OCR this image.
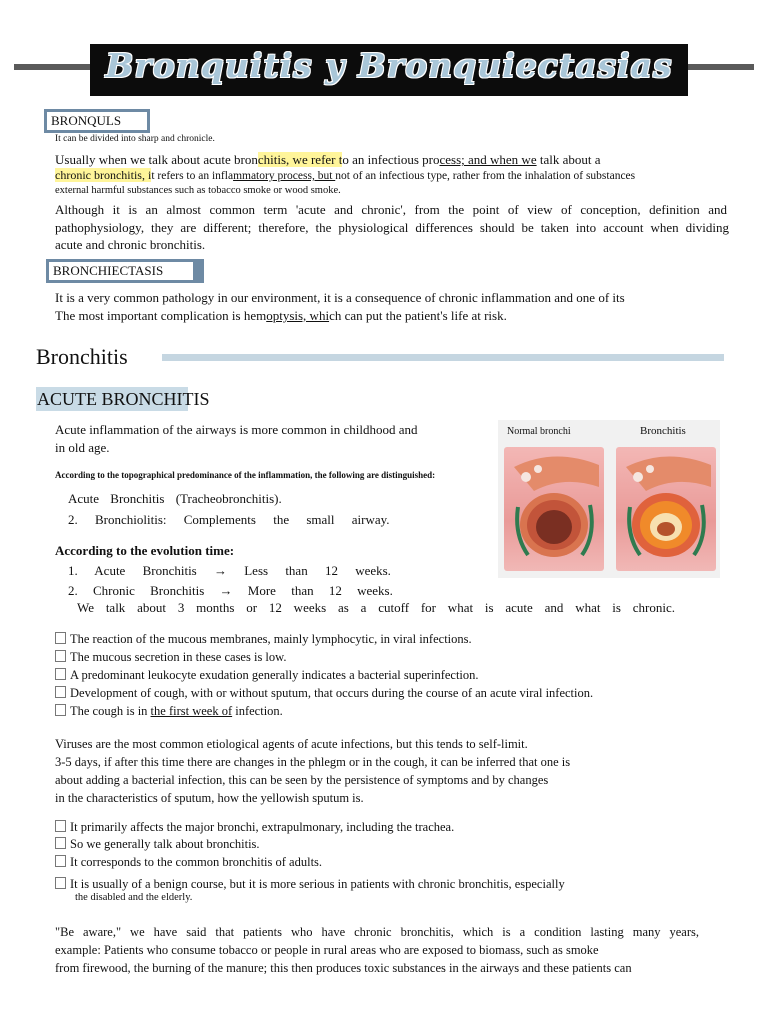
Bronquitis y Bronquiectasias
BRONQULS
It can be divided into sharp and chronicle.
Usually when we talk about acute bronchitis, we refer to an infectious process; and when we talk about a
chronic bronchitis, it refers to an inflammatory process, but not of an infectious type, rather from the inhalation of substances
external harmful substances such as tobacco smoke or wood smoke.
Although it is an almost common term 'acute and chronic', from the point of view of conception, definition and
pathophysiology, they are different; therefore, the physiological differences should be taken into account when dividing
acute and chronic bronchitis.
BRONCHIECTASIS
It is a very common pathology in our environment, it is a consequence of chronic inflammation and one of its
The most important complication is hemoptysis, which can put the patient's life at risk.
Bronchitis
ACUTE BRONCHITIS
Acute inflammation of the airways is more common in childhood and
in old age.
According to the topographical predominance of the inflammation, the following are distinguished:
Acute Bronchitis (Tracheobronchitis).
2. Bronchiolitis: Complements the small airway.
According to the evolution time:
1. Acute Bronchitis → Less than 12 weeks.
2. Chronic Bronchitis → More than 12 weeks.
We talk about 3 months or 12 weeks as a cutoff for what is acute and what is chronic.
Normal bronchi	Bronchitis
The reaction of the mucous membranes, mainly lymphocytic, in viral infections.
The mucous secretion in these cases is low.
A predominant leukocyte exudation generally indicates a bacterial superinfection.
Development of cough, with or without sputum, that occurs during the course of an acute viral infection.
The cough is in the first week of infection.
Viruses are the most common etiological agents of acute infections, but this tends to self-limit.
3-5 days, if after this time there are changes in the phlegm or in the cough, it can be inferred that one is
about adding a bacterial infection, this can be seen by the persistence of symptoms and by changes
in the characteristics of sputum, how the yellowish sputum is.
It primarily affects the major bronchi, extrapulmonary, including the trachea.
So we generally talk about bronchitis.
It corresponds to the common bronchitis of adults.
It is usually of a benign course, but it is more serious in patients with chronic bronchitis, especially
the disabled and the elderly.
"Be aware," we have said that patients who have chronic bronchitis, which is a condition lasting many years,
example: Patients who consume tobacco or people in rural areas who are exposed to biomass, such as smoke
from firewood, the burning of the manure; this then produces toxic substances in the airways and these patients can
